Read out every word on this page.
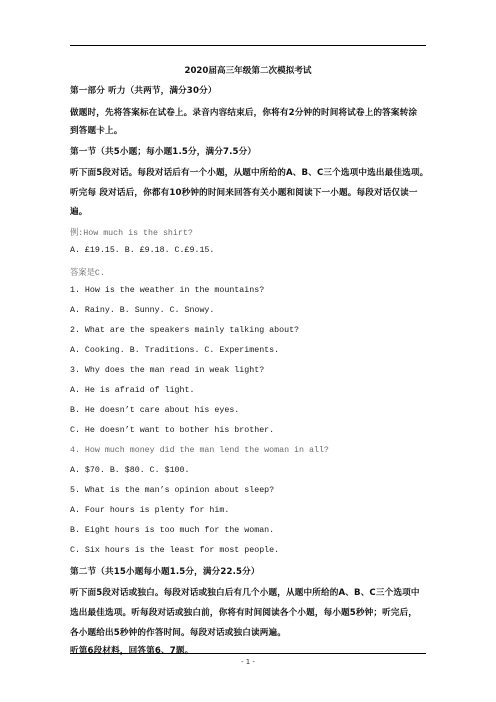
2020届高三年级第二次模拟考试
第一部分 听力（共两节，满分30分）
做题时，先将答案标在试卷上。录音内容结束后，你将有2分钟的时间将试卷上的答案转涂
到答题卡上。
第一节（共5小题；每小题1.5分，满分7.5分）
听下面5段对话。每段对话后有一个小题，从题中所给的A、B、C三个选项中选出最佳选项。
听完每 段对话后，你都有10秒钟的时间来回答有关小题和阅读下一小题。每段对话仅读一
遍。
例:How much is the shirt?
A. £19.15. B. £9.18. C.£9.15.
答案是C.
1. How is the weather in the mountains?
A. Rainy. B. Sunny. C. Snowy.
2. What are the speakers mainly talking about?
A. Cooking. B. Traditions. C. Experiments.
3. Why does the man read in weak light?
A. He is afraid of light.
B. He doesn’t care about his eyes.
C. He doesn’t want to bother his brother.
4. How much money did the man lend the woman in all?
A. $70. B. $80. C. $100.
5. What is the man’s opinion about sleep?
A. Four hours is plenty for him.
B. Eight hours is too much for the woman.
C. Six hours is the least for most people.
第二节（共15小题每小题1.5分，满分22.5分）
听下面5段对话或独白。每段对话或独白后有几个小题，从题中所给的A、B、C三个选项中
选出最佳选项。听每段对话或独白前，你将有时间阅读各个小题，每小题5秒钟；听完后，
各小题给出5秒钟的作答时间。每段对话或独白读两遍。
听第6段材料，回答第6、7题。
- 1 -
